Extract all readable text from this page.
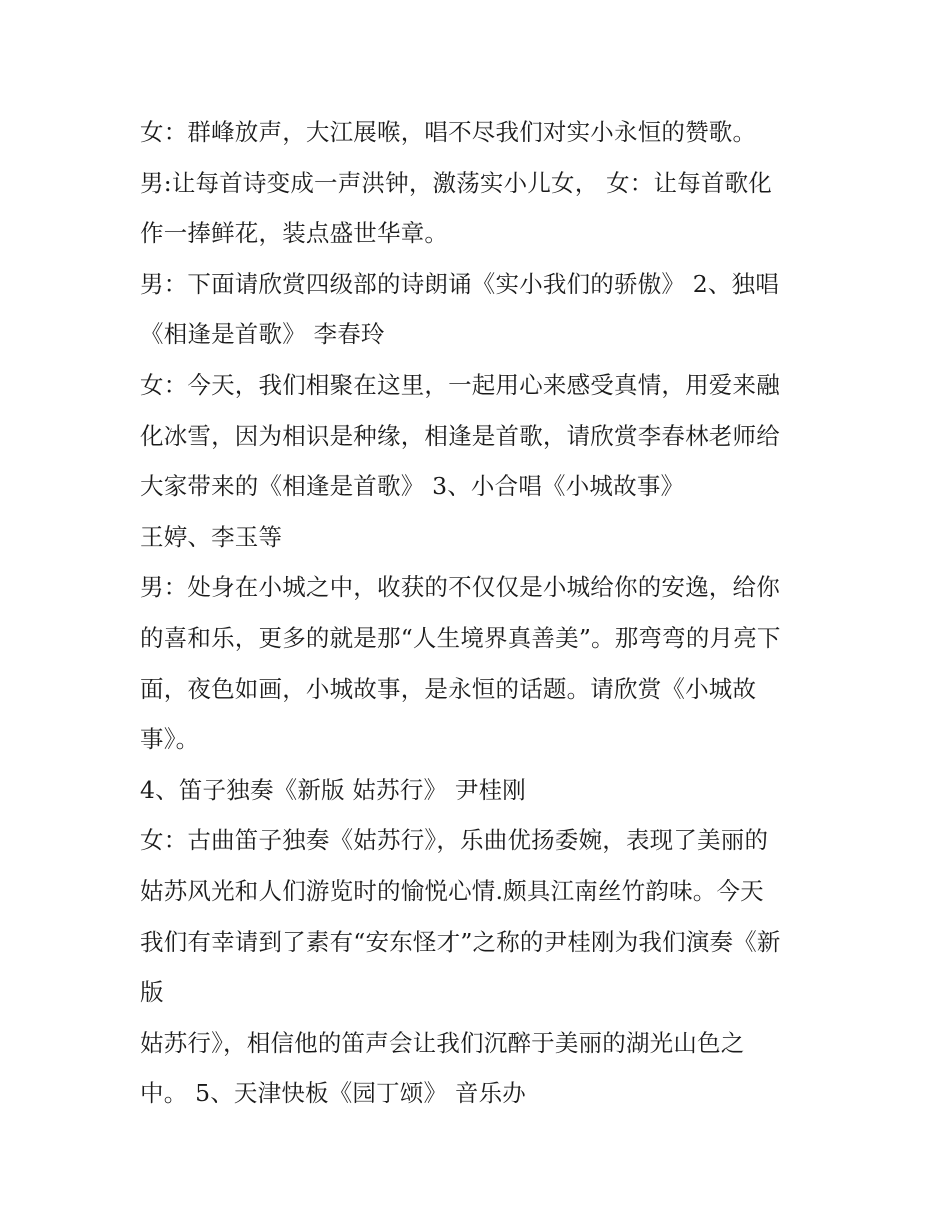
女：群峰放声，大江展喉，唱不尽我们对实小永恒的赞歌。
男:让每首诗变成一声洪钟，激荡实小儿女， 女：让每首歌化
作一捧鲜花，装点盛世华章。
男：下面请欣赏四级部的诗朗诵《实小我们的骄傲》 2、独唱
《相逢是首歌》 李春玲
女：今天，我们相聚在这里，一起用心来感受真情，用爱来融
化冰雪，因为相识是种缘，相逢是首歌，请欣赏李春林老师给
大家带来的《相逢是首歌》 3、小合唱《小城故事》
王婷、李玉等
男：处身在小城之中，收获的不仅仅是小城给你的安逸，给你
的喜和乐，更多的就是那“人生境界真善美”。那弯弯的月亮下
面，夜色如画，小城故事，是永恒的话题。请欣赏《小城故
事》。
4、笛子独奏《新版 姑苏行》 尹桂刚
女：古曲笛子独奏《姑苏行》，乐曲优扬委婉，表现了美丽的
姑苏风光和人们游览时的愉悦心情.颇具江南丝竹韵味。今天
我们有幸请到了素有“安东怪才”之称的尹桂刚为我们演奏《新
版
姑苏行》，相信他的笛声会让我们沉醉于美丽的湖光山色之
中。 5、天津快板《园丁颂》 音乐办
